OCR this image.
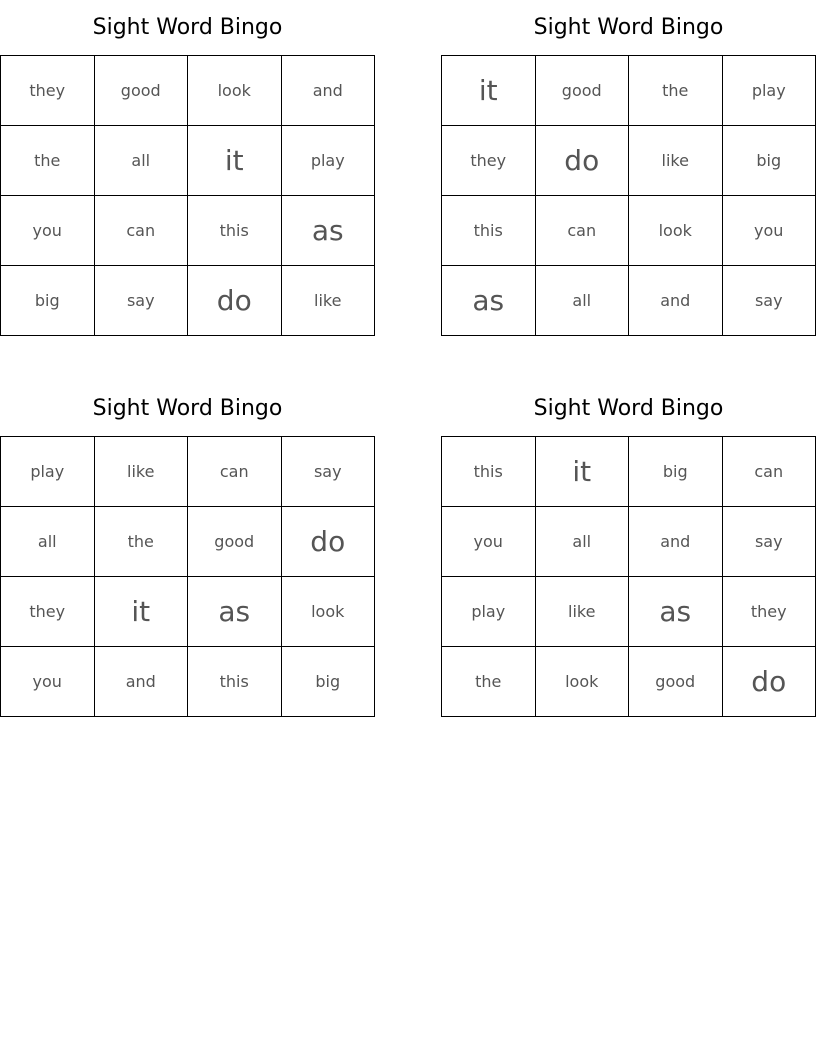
Sight Word Bingo
they	good	look	and
the	all	it	play
you	can	this	as
big	say	do	like
Sight Word Bingo
it	good	the	play
they	do	like	big
this	can	look	you
as	all	and	say
Sight Word Bingo
play	like	can	say
all	the	good	do
they	it	as	look
you	and	this	big
Sight Word Bingo
this	it	big	can
you	all	and	say
play	like	as	they
the	look	good	do
